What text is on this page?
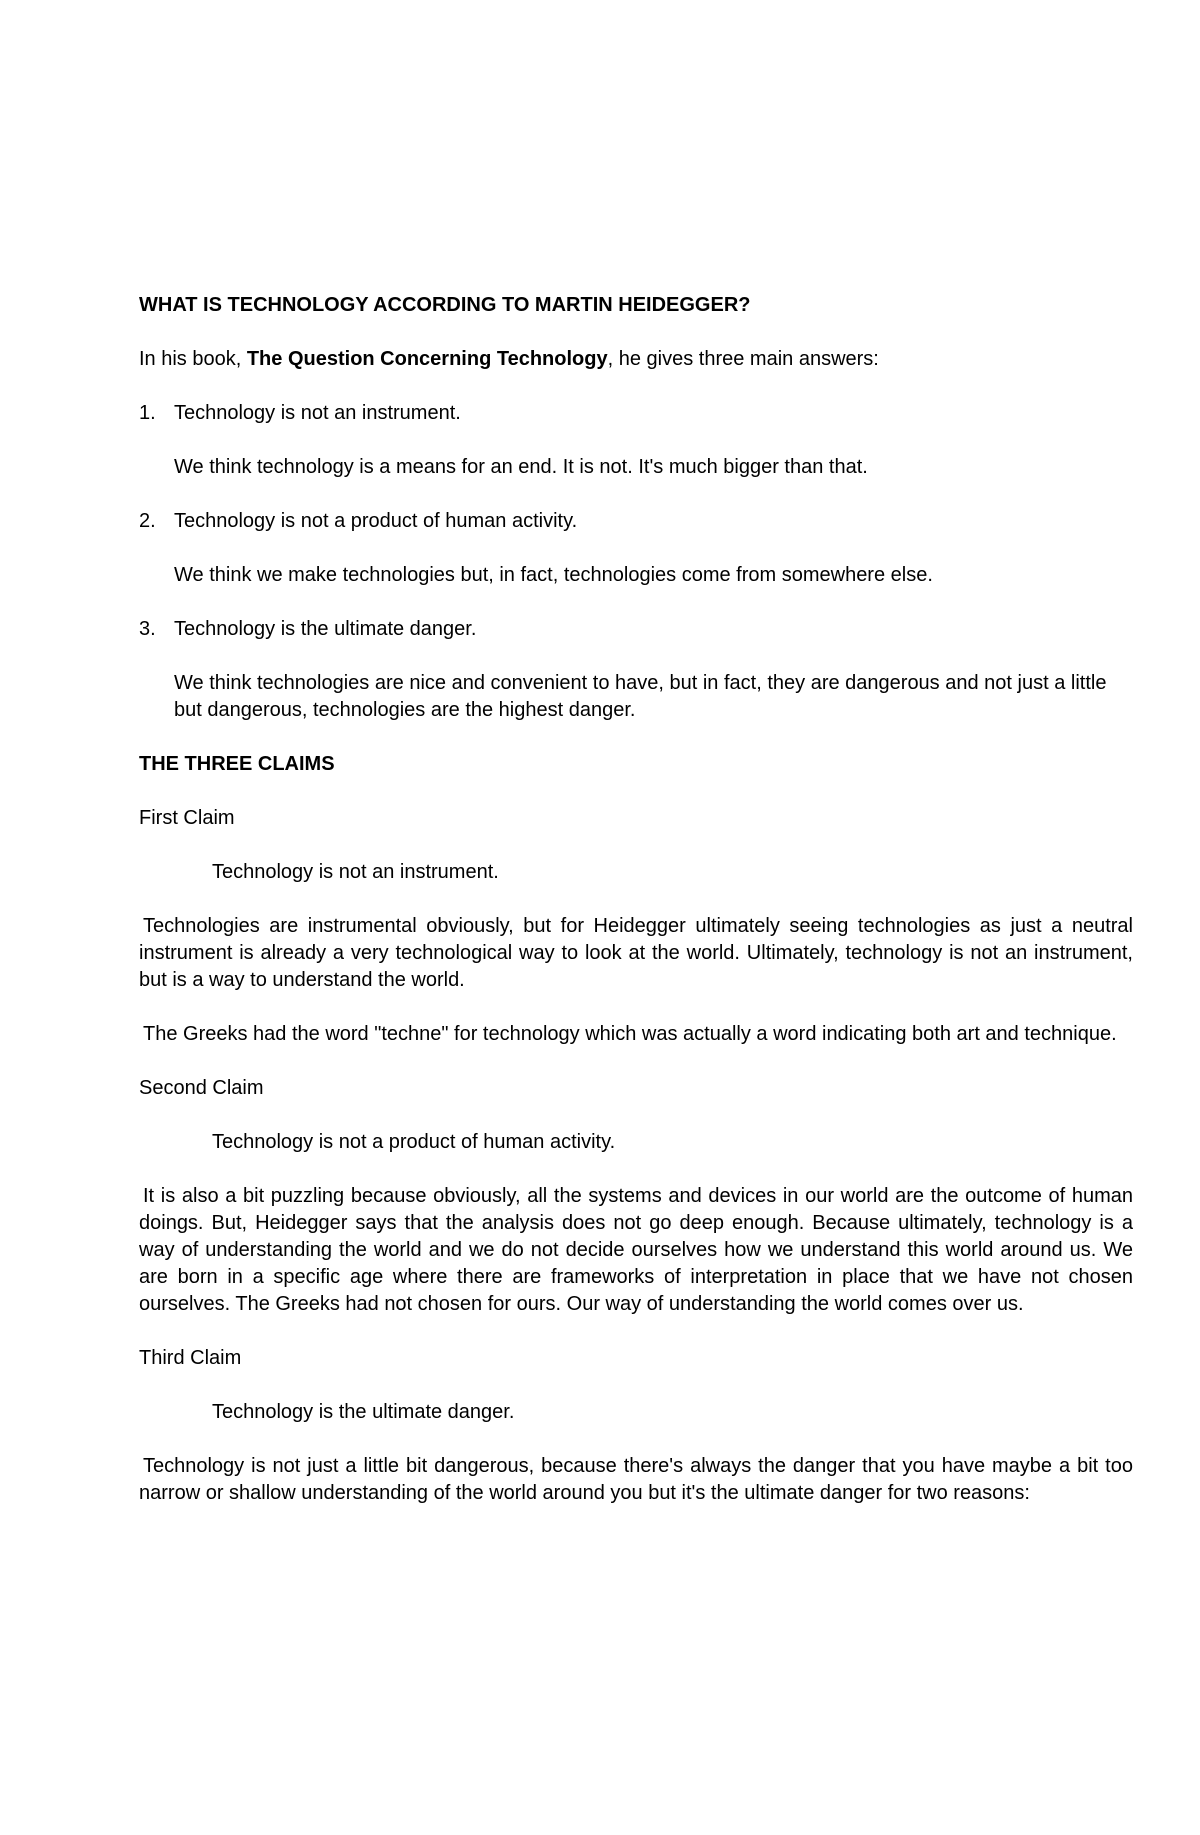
WHAT IS TECHNOLOGY ACCORDING TO MARTIN HEIDEGGER?

In his book, The Question Concerning Technology, he gives three main answers:

1. Technology is not an instrument.

We think technology is a means for an end. It is not. It's much bigger than that.

2. Technology is not a product of human activity.

We think we make technologies but, in fact, technologies come from somewhere else.

3. Technology is the ultimate danger.

We think technologies are nice and convenient to have, but in fact, they are dangerous and not just a little but dangerous, technologies are the highest danger.

THE THREE CLAIMS

First Claim

Technology is not an instrument.

Technologies are instrumental obviously, but for Heidegger ultimately seeing technologies as just a neutral instrument is already a very technological way to look at the world. Ultimately, technology is not an instrument, but is a way to understand the world.

The Greeks had the word "techne" for technology which was actually a word indicating both art and technique.

Second Claim

Technology is not a product of human activity.

It is also a bit puzzling because obviously, all the systems and devices in our world are the outcome of human doings. But, Heidegger says that the analysis does not go deep enough. Because ultimately, technology is a way of understanding the world and we do not decide ourselves how we understand this world around us. We are born in a specific age where there are frameworks of interpretation in place that we have not chosen ourselves. The Greeks had not chosen for ours. Our way of understanding the world comes over us.

Third Claim

Technology is the ultimate danger.

Technology is not just a little bit dangerous, because there's always the danger that you have maybe a bit too narrow or shallow understanding of the world around you but it's the ultimate danger for two reasons:
